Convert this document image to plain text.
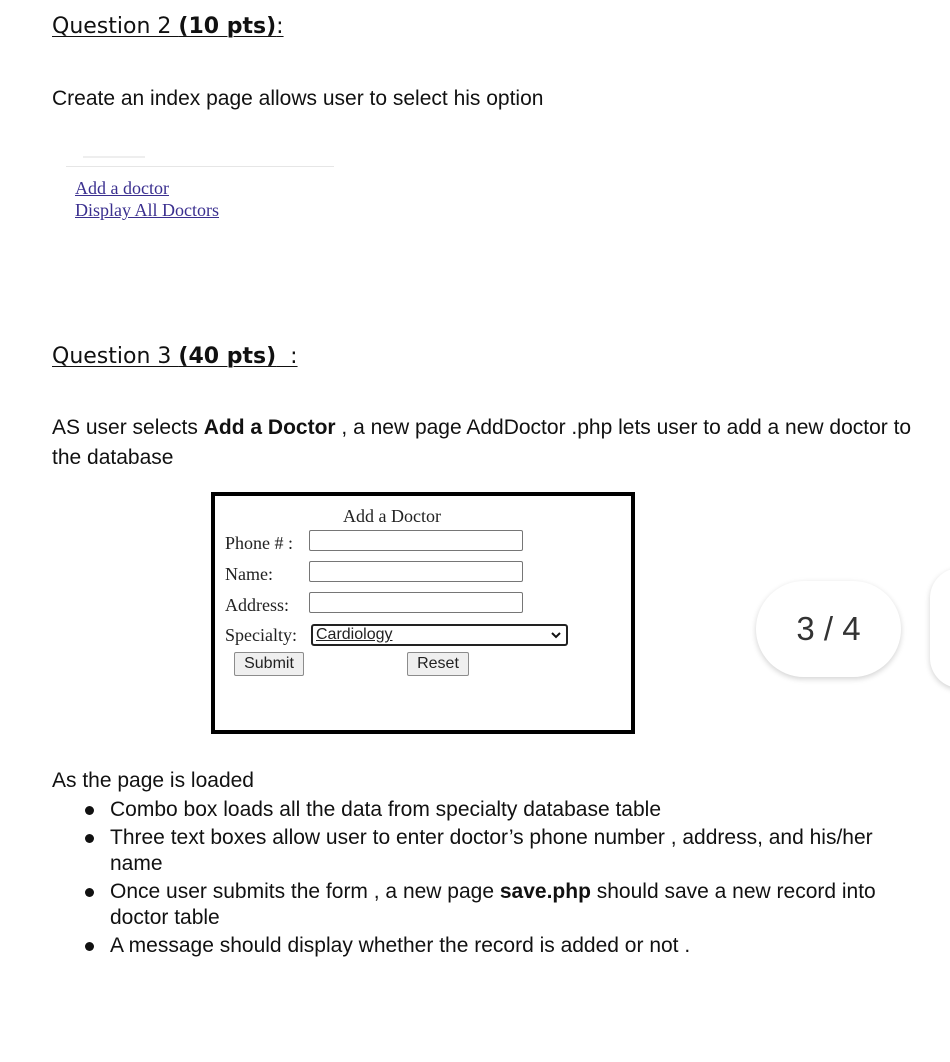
Question 2 (10 pts):
Create an index page allows user to select his option
Add a doctor
Display All Doctors
Question 3 (40 pts)  :
AS user selects Add a Doctor , a new page AddDoctor .php lets user to add a new doctor to the database
Add a Doctor
Phone # :
Name:
Address:
Specialty:	Cardiology
Submit	Reset
3 / 4
As the page is loaded
Combo box loads all the data from specialty database table
Three text boxes allow user to enter doctor’s phone number , address, and his/her name
Once user submits the form , a new page save.php should save a new record into doctor table
A message should display whether the record is added or not .
